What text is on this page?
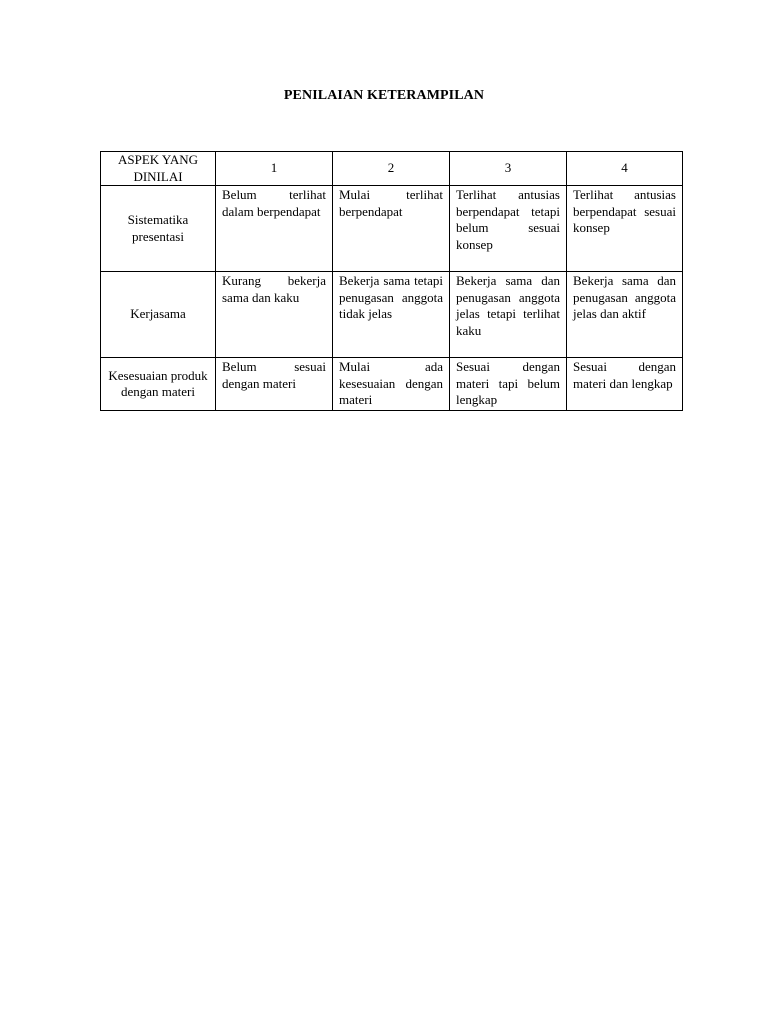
PENILAIAN KETERAMPILAN
ASPEK YANG DINILAI	1	2	3	4
Sistematika presentasi	Belum terlihat dalam berpendapat	Mulai terlihat berpendapat	Terlihat antusias berpendapat tetapi belum sesuai konsep	Terlihat antusias berpendapat sesuai konsep
Kerjasama	Kurang bekerja sama dan kaku	Bekerja sama tetapi penugasan anggota tidak jelas	Bekerja sama dan penugasan anggota jelas tetapi terlihat kaku	Bekerja sama dan penugasan anggota jelas dan aktif
Kesesuaian produk dengan materi	Belum sesuai dengan materi	Mulai ada kesesuaian dengan materi	Sesuai dengan materi tapi belum lengkap	Sesuai dengan materi dan lengkap
